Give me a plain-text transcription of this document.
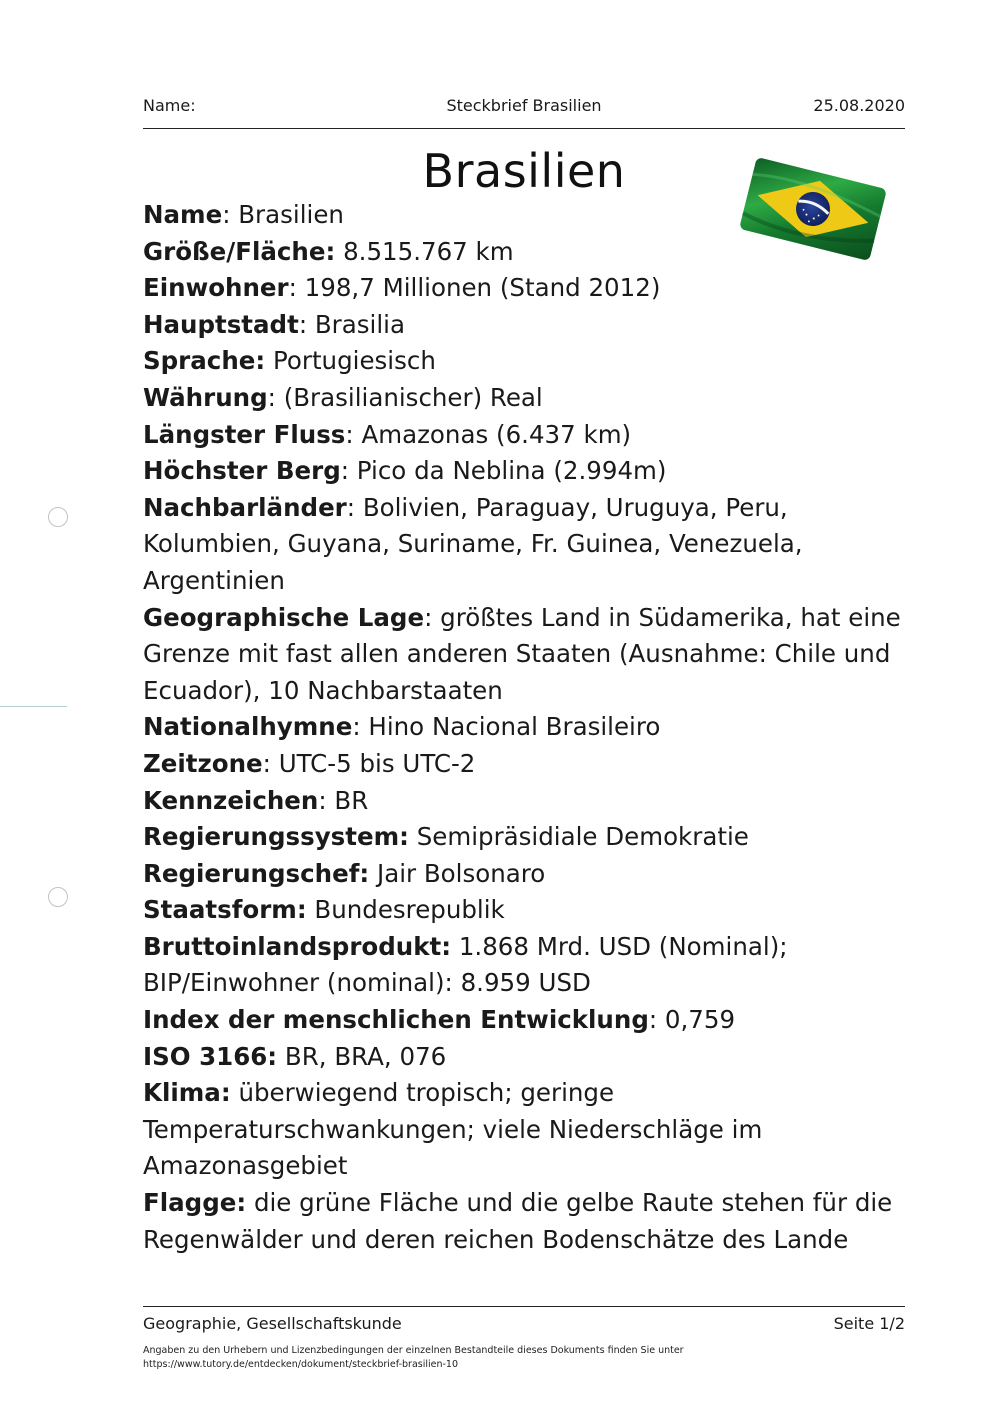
Name:	Steckbrief Brasilien	25.08.2020
Brasilien

Name: Brasilien

Größe/Fläche: 8.515.767 km

Einwohner: 198,7 Millionen (Stand 2012)

Hauptstadt: Brasilia

Sprache: Portugiesisch

Währung: (Brasilianischer) Real

Längster Fluss: Amazonas (6.437 km)

Höchster Berg: Pico da Neblina (2.994m)

Nachbarländer: Bolivien, Paraguay, Uruguya, Peru, Kolumbien, Guyana, Suriname, Fr. Guinea, Venezuela, Argentinien

Geographische Lage: größtes Land in Südamerika, hat eine Grenze mit fast allen anderen Staaten (Ausnahme: Chile und Ecuador), 10 Nachbarstaaten

Nationalhymne: Hino Nacional Brasileiro

Zeitzone: UTC-5 bis UTC-2

Kennzeichen: BR

Regierungssystem: Semipräsidiale Demokratie

Regierungschef: Jair Bolsonaro

Staatsform: Bundesrepublik

Bruttoinlandsprodukt: 1.868 Mrd. USD (Nominal); BIP/Einwohner (nominal): 8.959 USD

Index der menschlichen Entwicklung: 0,759

ISO 3166: BR, BRA, 076

Klima: überwiegend tropisch; geringe Temperaturschwankungen; viele Niederschläge im Amazonasgebiet

Flagge: die grüne Fläche und die gelbe Raute stehen für die Regenwälder und deren reichen Bodenschätze des Lande

Geographie, Gesellschaftskunde	Seite 1/2
Angaben zu den Urhebern und Lizenzbedingungen der einzelnen Bestandteile dieses Dokuments finden Sie unter
https://www.tutory.de/entdecken/dokument/steckbrief-brasilien-10
